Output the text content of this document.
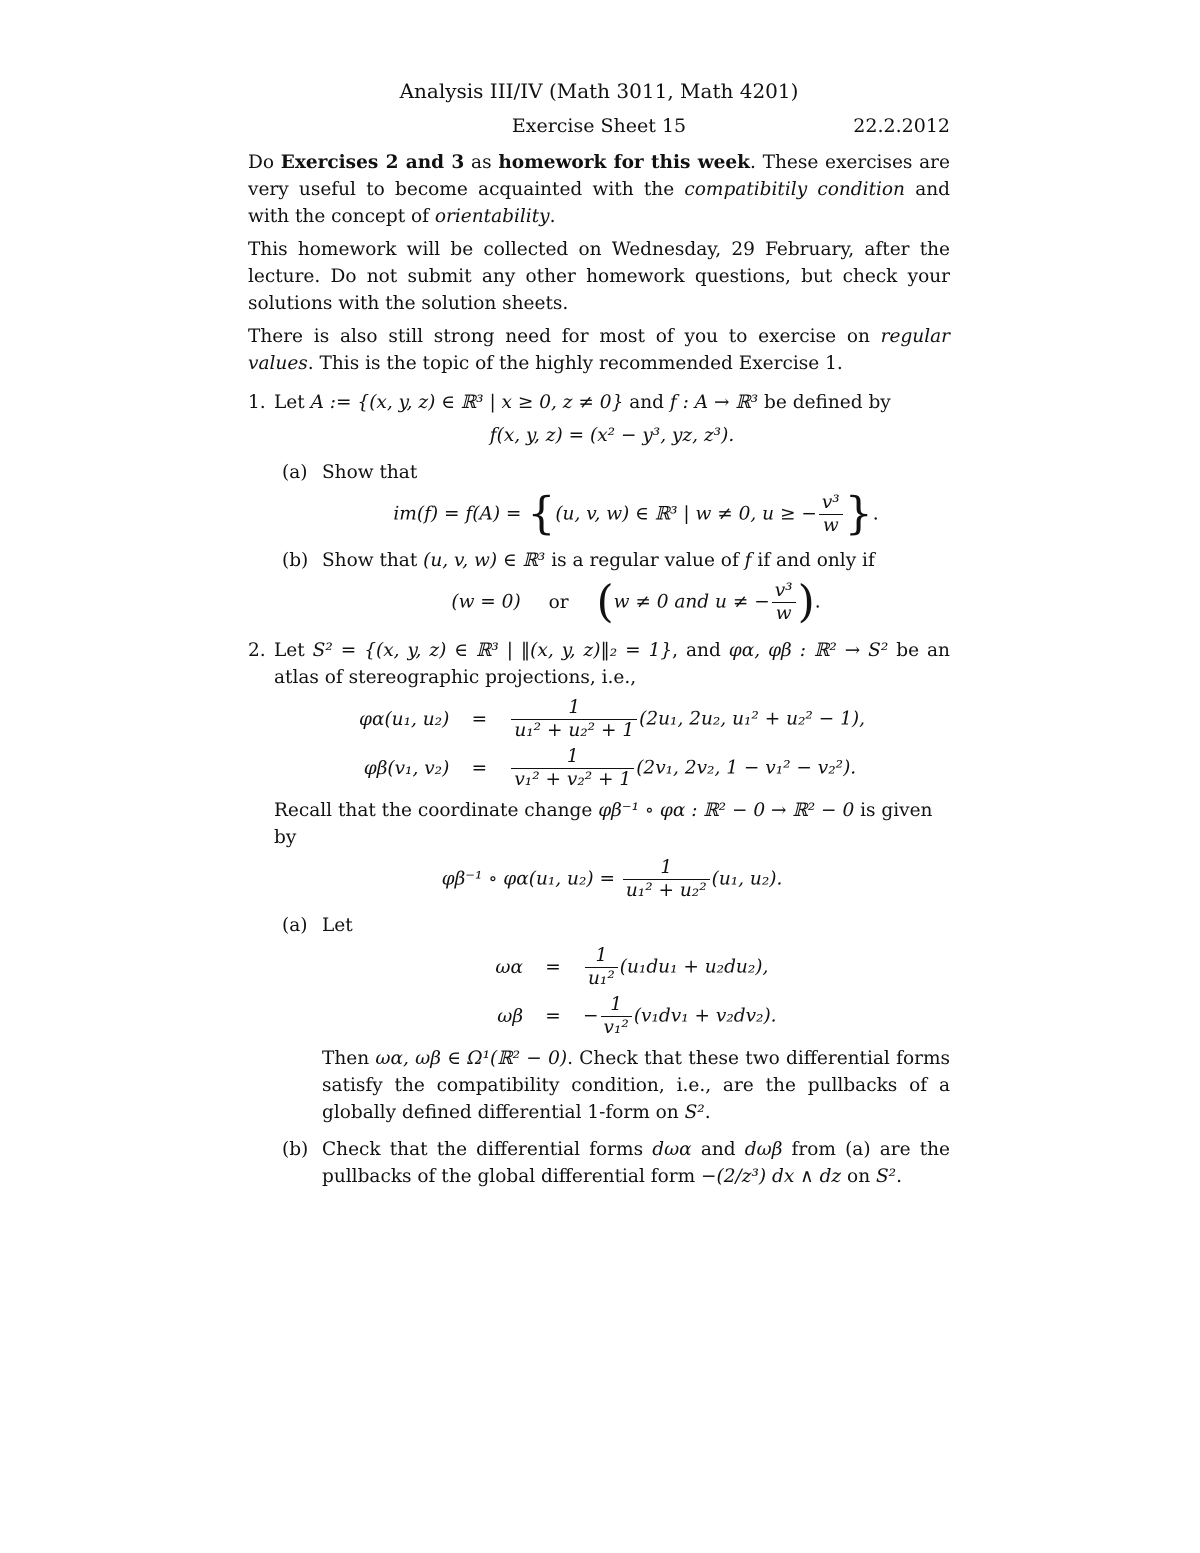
Analysis III/IV (Math 3011, Math 4201)
Exercise Sheet 15	22.2.2012

Do Exercises 2 and 3 as homework for this week. These exercises are very useful to become acquainted with the compatibitily condition and with the concept of orientability.

This homework will be collected on Wednesday, 29 February, after the lecture. Do not submit any other homework questions, but check your solutions with the solution sheets.

There is also still strong need for most of you to exercise on regular values. This is the topic of the highly recommended Exercise 1.

1. Let A := {(x, y, z) ∈ ℝ³ | x ≥ 0, z ≠ 0} and f : A → ℝ³ be defined by

f(x, y, z) = (x² − y³, yz, z³).
(a) Show that

im(f) = f(A) = {(u, v, w) ∈ ℝ³ | w ≠ 0, u ≥ − $\frac{\text{v³}}{w}$ }.
(b) Show that (u, v, w) ∈ ℝ³ is a regular value of f if and only if

(w = 0) or (w ≠ 0 and u ≠ − $\frac{\text{v³}}{w}$ ).
2. Let S² = {(x, y, z) ∈ ℝ³ | ‖(x, y, z)‖₂ = 1}, and φα, φβ : ℝ² → S² be an atlas of stereographic projections, i.e.,

φα(u₁, u₂)	=	$\frac{1}{\text{u₁² + u₂² + 1}} (2u_1$, 2u₂, u₁² + u₂² − 1),
φβ(v₁, v₂)	=	$\frac{1}{\text{v₁² + v₂² + 1}} (2v_1$, 2v₂, 1 − v₁² − v₂²).

Recall that the coordinate change φβ⁻¹ ∘ φα : ℝ² − 0 → ℝ² − 0 is given by

φβ⁻¹ ∘ φα(u₁, $u_2) = \frac{1}{\text{u₁² + u₂²}} (u_1$, u₂).
(a) Let

ωα	=	$\frac{1}{\text{u₁²}} (u_1du_1 + u_2du_2)$,
ωβ	=	− $\frac{1}{\text{v₁²}} (v_1dv_1 + v_2dv_2)$.

Then ωα, ωβ ∈ Ω¹(ℝ² − 0). Check that these two differential forms satisfy the compatibility condition, i.e., are the pullbacks of a globally defined differential 1-form on S².

(b) Check that the differential forms dωα and dωβ from (a) are the pullbacks of the global differential form −(2/z³) dx ∧ dz on S².
